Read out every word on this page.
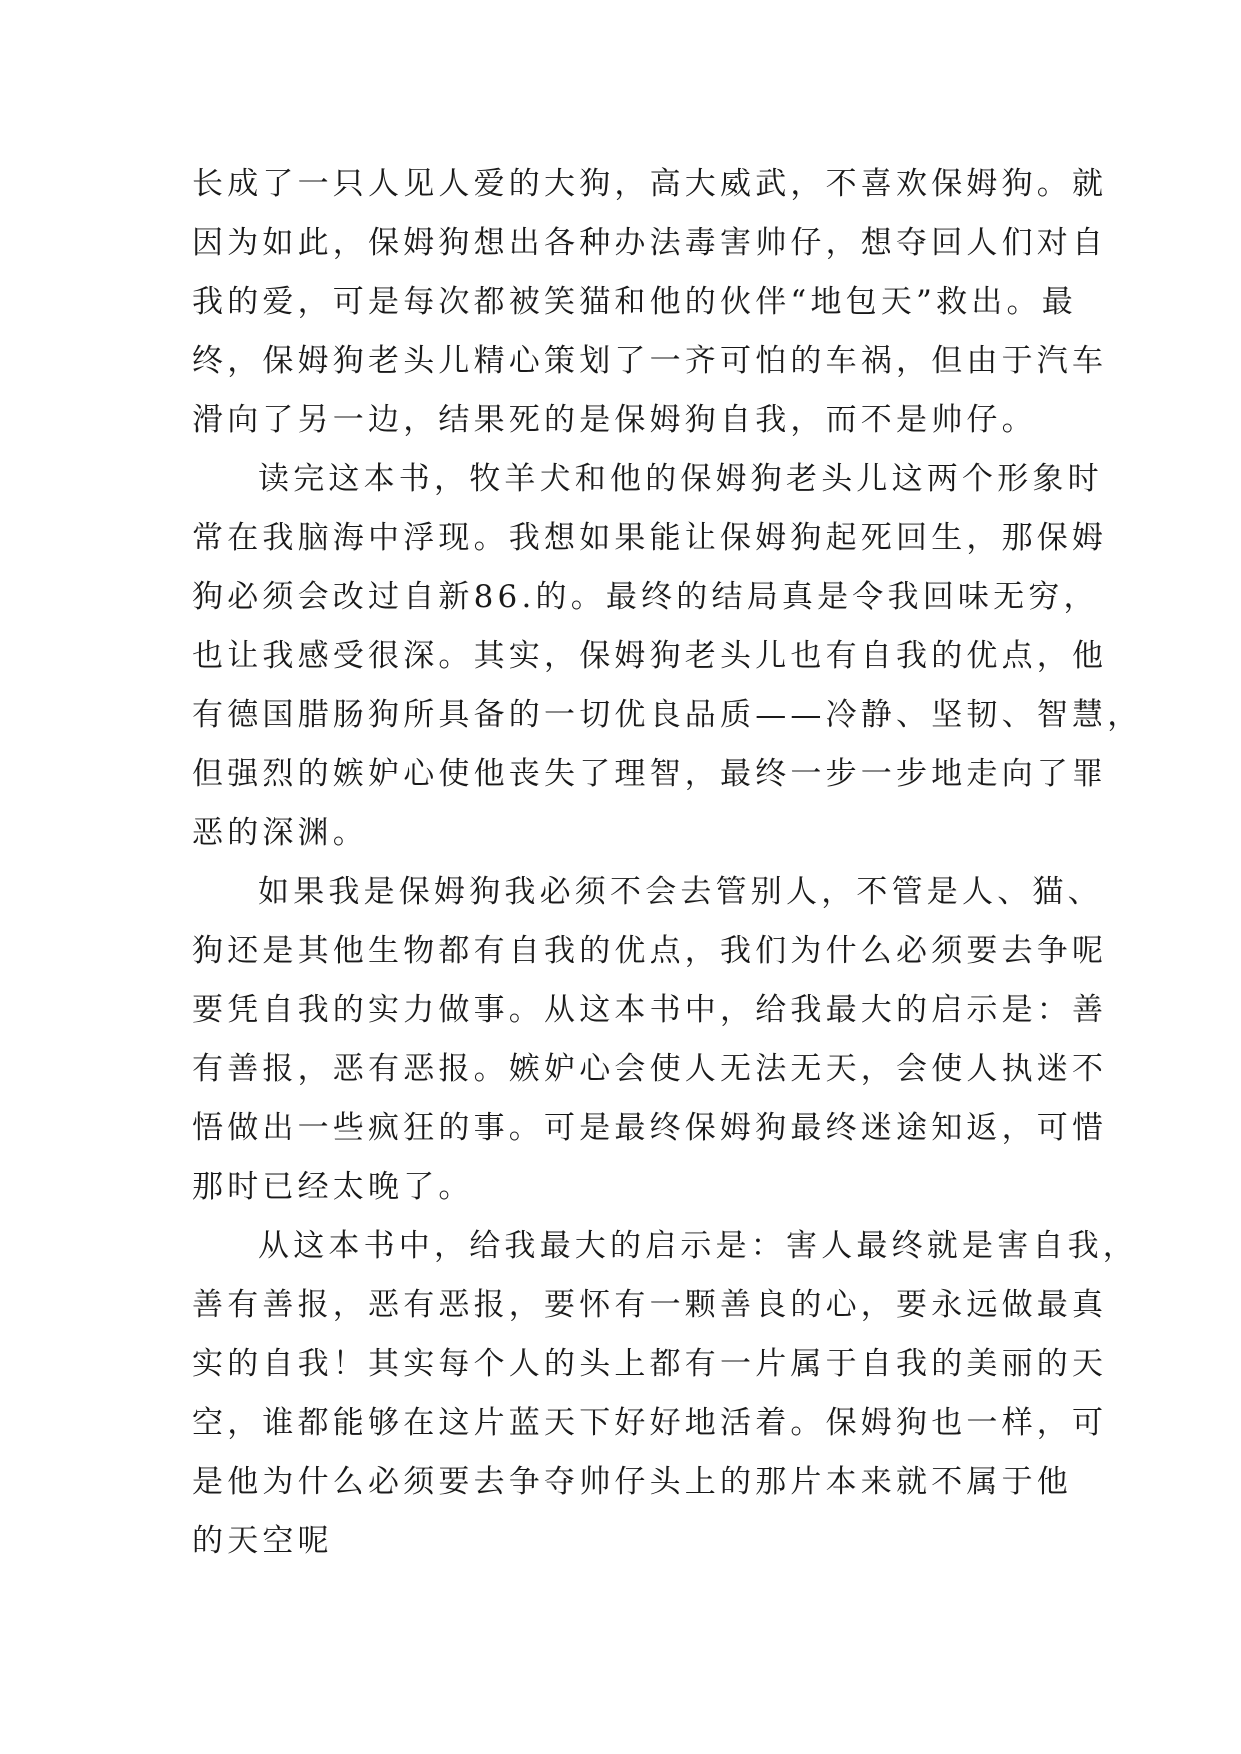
长成了一只人见人爱的大狗，高大威武，不喜欢保姆狗。就
因为如此，保姆狗想出各种办法毒害帅仔，想夺回人们对自
我的爱，可是每次都被笑猫和他的伙伴“地包天”救出。最
终，保姆狗老头儿精心策划了一齐可怕的车祸，但由于汽车
滑向了另一边，结果死的是保姆狗自我，而不是帅仔。
读完这本书，牧羊犬和他的保姆狗老头儿这两个形象时
常在我脑海中浮现。我想如果能让保姆狗起死回生，那保姆
狗必须会改过自新86.的。最终的结局真是令我回味无穷，
也让我感受很深。其实，保姆狗老头儿也有自我的优点，他
有德国腊肠狗所具备的一切优良品质——冷静、坚韧、智慧，
但强烈的嫉妒心使他丧失了理智，最终一步一步地走向了罪
恶的深渊。
如果我是保姆狗我必须不会去管别人，不管是人、猫、
狗还是其他生物都有自我的优点，我们为什么必须要去争呢
要凭自我的实力做事。从这本书中，给我最大的启示是：善
有善报，恶有恶报。嫉妒心会使人无法无天，会使人执迷不
悟做出一些疯狂的事。可是最终保姆狗最终迷途知返，可惜
那时已经太晚了。
从这本书中，给我最大的启示是：害人最终就是害自我，
善有善报，恶有恶报，要怀有一颗善良的心，要永远做最真
实的自我！其实每个人的头上都有一片属于自我的美丽的天
空，谁都能够在这片蓝天下好好地活着。保姆狗也一样，可
是他为什么必须要去争夺帅仔头上的那片本来就不属于他
的天空呢
